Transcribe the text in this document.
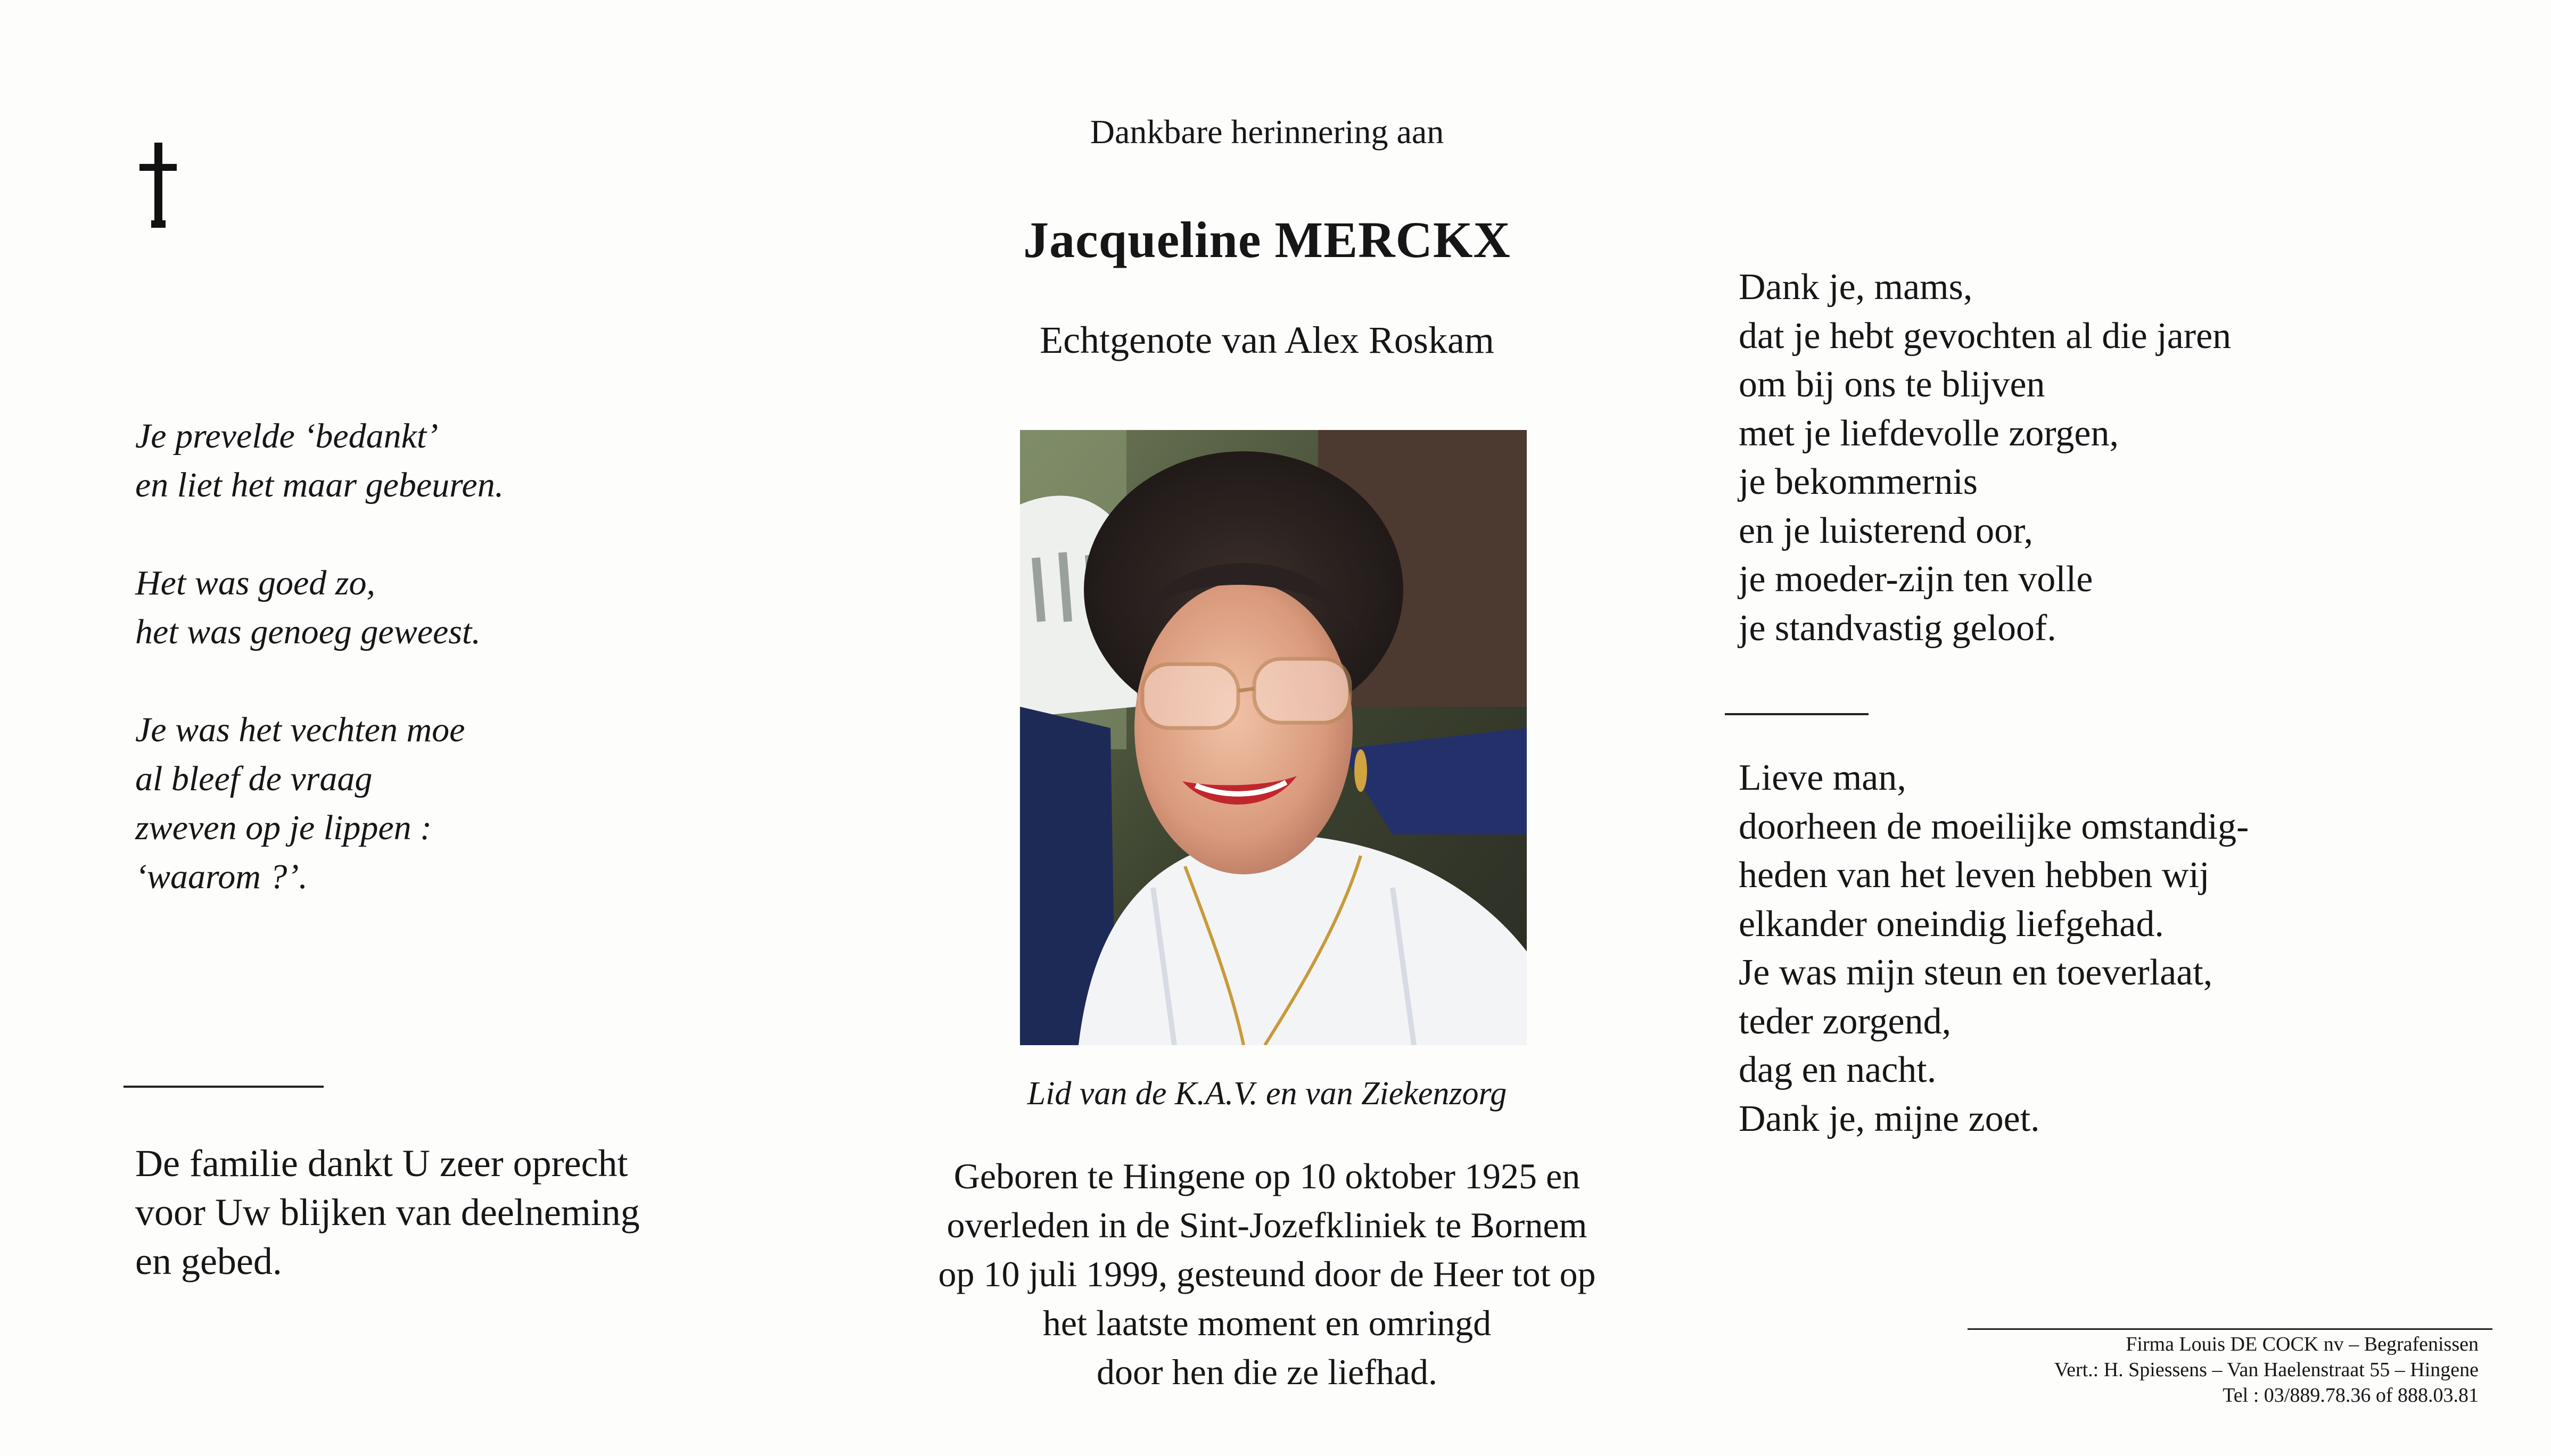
Je prevelde ‘bedankt’
en liet het maar gebeuren.

Het was goed zo,
het was genoeg geweest.

Je was het vechten moe
al bleef de vraag
zweven op je lippen :
‘waarom ?’.

De familie dankt U zeer oprecht
voor Uw blijken van deelneming
en gebed.
Dankbare herinnering aan
Jacqueline MERCKX
Echtgenote van Alex Roskam
Lid van de K.A.V. en van Ziekenzorg
Geboren te Hingene op 10 oktober 1925 en
overleden in de Sint-Jozefkliniek te Bornem
op 10 juli 1999, gesteund door de Heer tot op
het laatste moment en omringd
door hen die ze liefhad.
Dank je, mams,
dat je hebt gevochten al die jaren
om bij ons te blijven
met je liefdevolle zorgen,
je bekommernis
en je luisterend oor,
je moeder-zijn ten volle
je standvastig geloof.
Lieve man,
doorheen de moeilijke omstandig-
heden van het leven hebben wij
elkander oneindig liefgehad.
Je was mijn steun en toeverlaat,
teder zorgend,
dag en nacht.
Dank je, mijne zoet.
Firma Louis DE COCK nv – Begrafenissen
Vert.: H. Spiessens – Van Haelenstraat 55 – Hingene
Tel : 03/889.78.36 of 888.03.81
